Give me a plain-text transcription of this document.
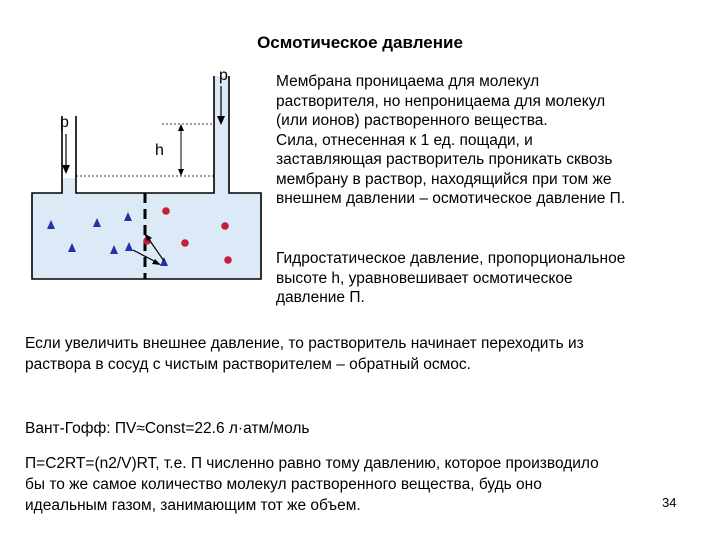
Осмотическое давление
p
p
h
Мембрана проницаема для молекул
растворителя, но непроницаема для молекул
(или ионов) растворенного вещества.
Сила, отнесенная к 1 ед. пощади, и
заставляющая растворитель проникать сквозь
мембрану в раствор, находящийся при том же
внешнем давлении – осмотическое давление П.
Гидростатическое давление, пропорциональное
высоте h, уравновешивает осмотическое
давление П.
Если увеличить внешнее давление, то растворитель начинает переходить из
раствора в сосуд с чистым растворителем – обратный осмос.
Вант-Гофф: ПV≈Const=22.6 л·атм/моль
П=C2RT=(n2/V)RT, т.е. П численно равно тому давлению, которое производило
бы то же самое количество молекул растворенного вещества, будь оно
идеальным газом, занимающим тот же объем.	34
